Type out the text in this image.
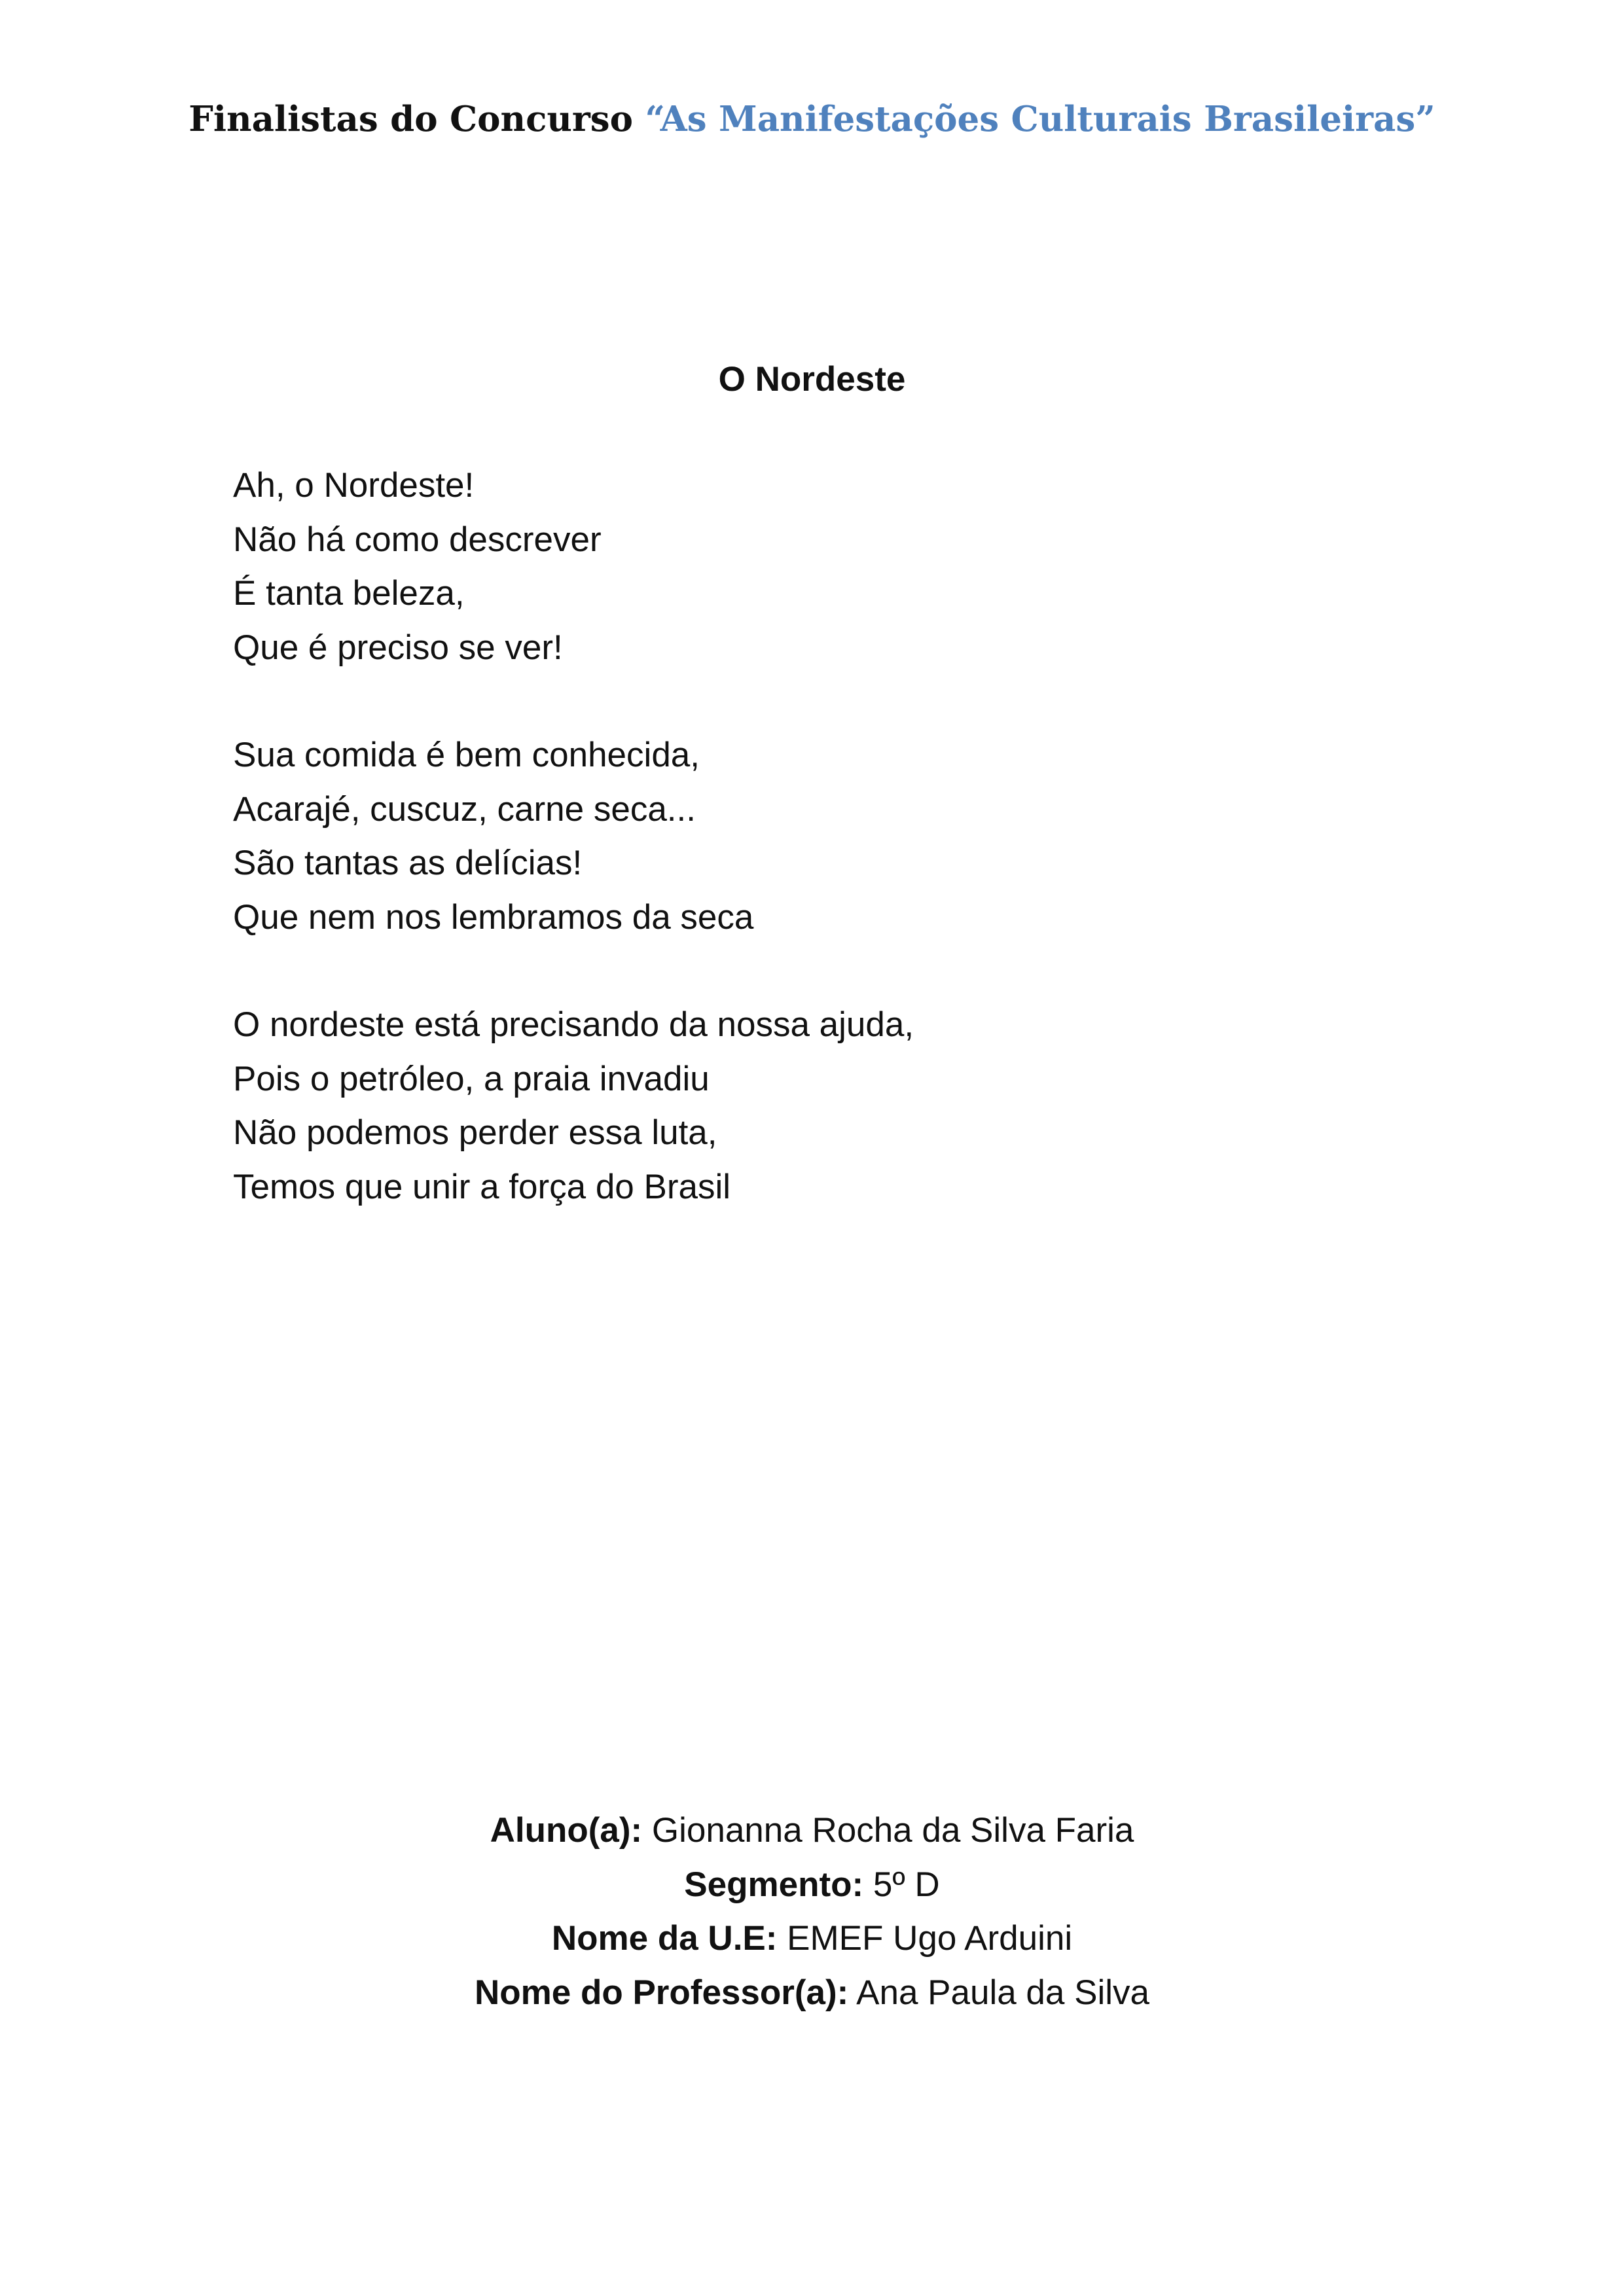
Finalistas do Concurso “As Manifestações Culturais Brasileiras”
O Nordeste
Ah, o Nordeste!
Não há como descrever
É tanta beleza,
Que é preciso se ver!
Sua comida é bem conhecida,
Acarajé, cuscuz, carne seca...
São tantas as delícias!
Que nem nos lembramos da seca
O nordeste está precisando da nossa ajuda,
Pois o petróleo, a praia invadiu
Não podemos perder essa luta,
Temos que unir a força do Brasil
Aluno(a): Gionanna Rocha da Silva Faria
Segmento: 5º D
Nome da U.E: EMEF Ugo Arduini
Nome do Professor(a): Ana Paula da Silva
